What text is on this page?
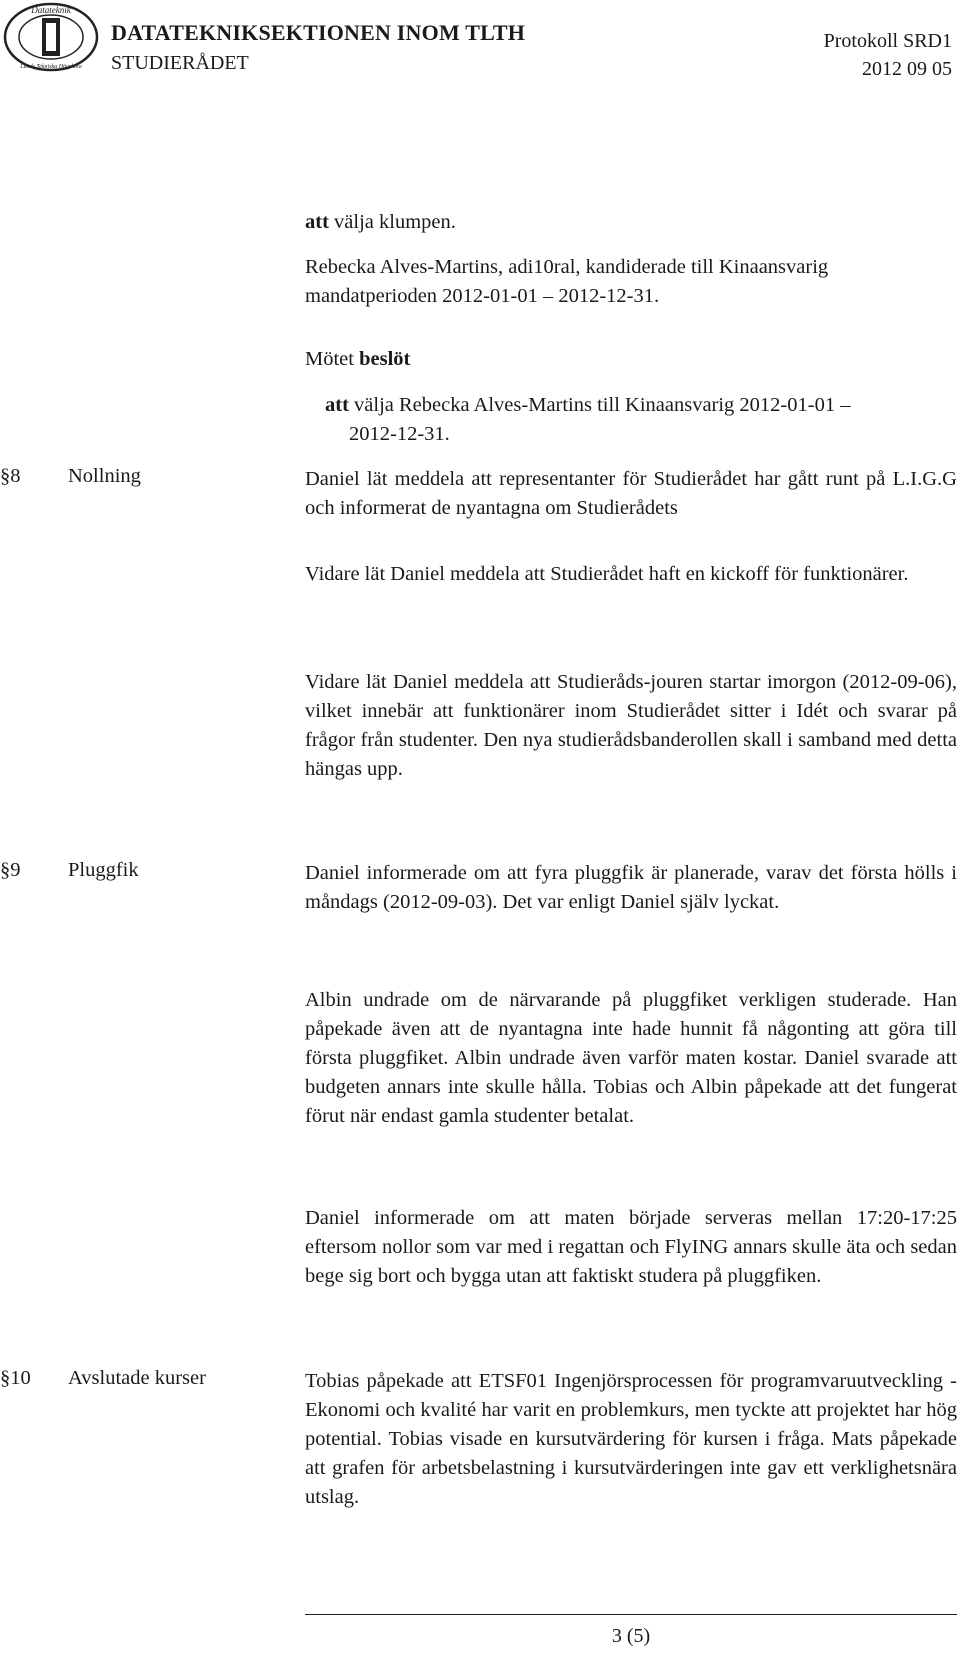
Datateknik
Lunds Tekniska Högskola
DATATEKNIKSEKTIONEN INOM TLTH
STUDIERÅDET
Protokoll SRD1
2012 09 05
att välja klumpen.
Rebecka Alves-Martins, adi10ral, kandiderade till Kinaansvarig mandatperioden 2012-01-01 – 2012-12-31.
Mötet beslöt
att välja Rebecka Alves-Martins till Kinaansvarig 2012-01-01 –
2012-12-31.
§8 Nollning	Daniel lät meddela att representanter för Studierådet har gått runt på L.I.G.G och informerat de nyantagna om Studierådets
Vidare lät Daniel meddela att Studierådet haft en kickoff för funktionärer.
Vidare lät Daniel meddela att Studieråds-jouren startar imorgon (2012-09-06), vilket innebär att funktionärer inom Studierådet sitter i Idét och svarar på frågor från studenter. Den nya studierådsbanderollen skall i samband med detta hängas upp.
§9 Pluggfik	Daniel informerade om att fyra pluggfik är planerade, varav det första hölls i måndags (2012-09-03). Det var enligt Daniel själv lyckat.
Albin undrade om de närvarande på pluggfiket verkligen studerade. Han påpekade även att de nyantagna inte hade hunnit få någonting att göra till första pluggfiket. Albin undrade även varför maten kostar. Daniel svarade att budgeten annars inte skulle hålla. Tobias och Albin påpekade att det fungerat förut när endast gamla studenter betalat.
Daniel informerade om att maten började serveras mellan 17:20-17:25 eftersom nollor som var med i regattan och FlyING annars skulle äta och sedan bege sig bort och bygga utan att faktiskt studera på pluggfiken.
§10 Avslutade kurser	Tobias påpekade att ETSF01 Ingenjörsprocessen för programvaruutveckling - Ekonomi och kvalité har varit en problemkurs, men tyckte att projektet har hög potential. Tobias visade en kursutvärdering för kursen i fråga. Mats påpekade att grafen för arbetsbelastning i kursutvärderingen inte gav ett verklighetsnära utslag.
3 (5)
